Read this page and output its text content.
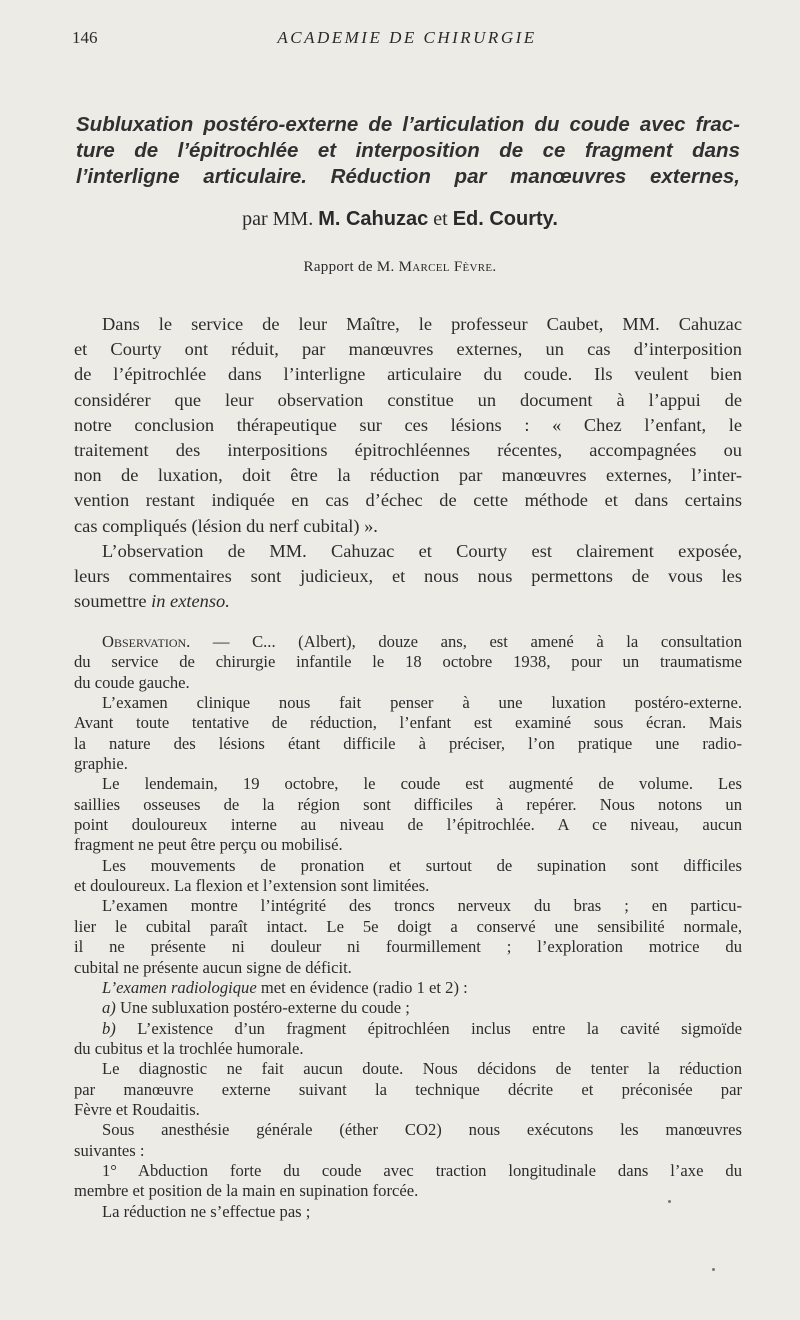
146	ACADEMIE DE CHIRURGIE
Subluxation postéro-externe de l’articulation du coude avec frac-
ture de l’épitrochlée et interposition de ce fragment dans
l’interligne articulaire. Réduction par manœuvres externes,
par MM. M. Cahuzac et Ed. Courty.
Rapport de M. Marcel Fèvre.
Dans le service de leur Maître, le professeur Caubet, MM. Cahuzac
et Courty ont réduit, par manœuvres externes, un cas d’interposition
de l’épitrochlée dans l’interligne articulaire du coude. Ils veulent bien
considérer que leur observation constitue un document à l’appui de
notre conclusion thérapeutique sur ces lésions : « Chez l’enfant, le
traitement des interpositions épitrochléennes récentes, accompagnées ou
non de luxation, doit être la réduction par manœuvres externes, l’inter-
vention restant indiquée en cas d’échec de cette méthode et dans certains
cas compliqués (lésion du nerf cubital) ».
L’observation de MM. Cahuzac et Courty est clairement exposée,
leurs commentaires sont judicieux, et nous nous permettons de vous les
soumettre in extenso.
Observation. — C... (Albert), douze ans, est amené à la consultation
du service de chirurgie infantile le 18 octobre 1938, pour un traumatisme
du coude gauche.
L’examen clinique nous fait penser à une luxation postéro-externe.
Avant toute tentative de réduction, l’enfant est examiné sous écran. Mais
la nature des lésions étant difficile à préciser, l’on pratique une radio-
graphie.
Le lendemain, 19 octobre, le coude est augmenté de volume. Les
saillies osseuses de la région sont difficiles à repérer. Nous notons un
point douloureux interne au niveau de l’épitrochlée. A ce niveau, aucun
fragment ne peut être perçu ou mobilisé.
Les mouvements de pronation et surtout de supination sont difficiles
et douloureux. La flexion et l’extension sont limitées.
L’examen montre l’intégrité des troncs nerveux du bras ; en particu-
lier le cubital paraît intact. Le 5e doigt a conservé une sensibilité normale,
il ne présente ni douleur ni fourmillement ; l’exploration motrice du
cubital ne présente aucun signe de déficit.
L’examen radiologique met en évidence (radio 1 et 2) :
a) Une subluxation postéro-externe du coude ;
b) L’existence d’un fragment épitrochléen inclus entre la cavité sigmoïde
du cubitus et la trochlée humorale.
Le diagnostic ne fait aucun doute. Nous décidons de tenter la réduction
par manœuvre externe suivant la technique décrite et préconisée par
Fèvre et Roudaitis.
Sous anesthésie générale (éther CO2) nous exécutons les manœuvres
suivantes :
1° Abduction forte du coude avec traction longitudinale dans l’axe du
membre et position de la main en supination forcée.
La réduction ne s’effectue pas ;
